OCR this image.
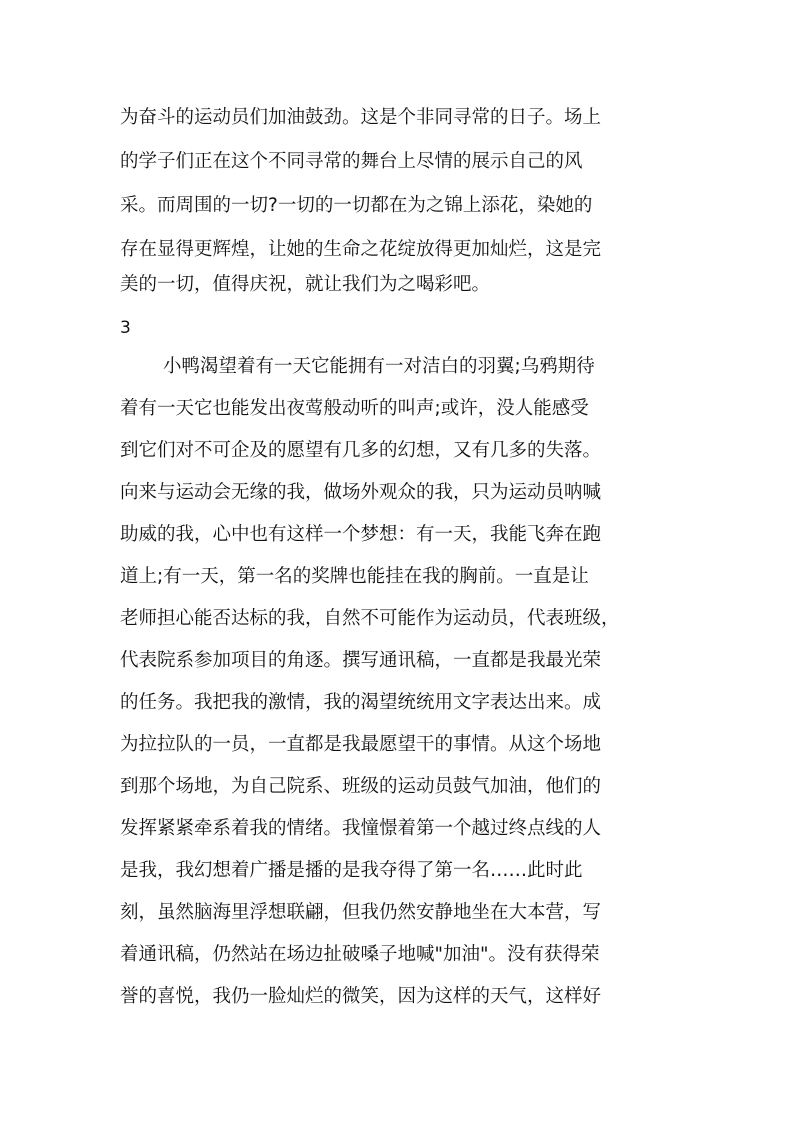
为奋斗的运动员们加油鼓劲。这是个非同寻常的日子。场上

的学子们正在这个不同寻常的舞台上尽情的展示自己的风

采。而周围的一切?一切的一切都在为之锦上添花，染她的

存在显得更辉煌，让她的生命之花绽放得更加灿烂，这是完

美的一切，值得庆祝，就让我们为之喝彩吧。

3

小鸭渴望着有一天它能拥有一对洁白的羽翼;乌鸦期待

着有一天它也能发出夜莺般动听的叫声;或许，没人能感受

到它们对不可企及的愿望有几多的幻想，又有几多的失落。

向来与运动会无缘的我，做场外观众的我，只为运动员呐喊

助威的我，心中也有这样一个梦想：有一天，我能飞奔在跑

道上;有一天，第一名的奖牌也能挂在我的胸前。一直是让

老师担心能否达标的我，自然不可能作为运动员，代表班级，

代表院系参加项目的角逐。撰写通讯稿，一直都是我最光荣

的任务。我把我的激情，我的渴望统统用文字表达出来。成

为拉拉队的一员，一直都是我最愿望干的事情。从这个场地

到那个场地，为自己院系、班级的运动员鼓气加油，他们的

发挥紧紧牵系着我的情绪。我憧憬着第一个越过终点线的人

是我，我幻想着广播是播的是我夺得了第一名……此时此

刻，虽然脑海里浮想联翩，但我仍然安静地坐在大本营，写

着通讯稿，仍然站在场边扯破嗓子地喊"加油"。没有获得荣

誉的喜悦，我仍一脸灿烂的微笑，因为这样的天气，这样好
